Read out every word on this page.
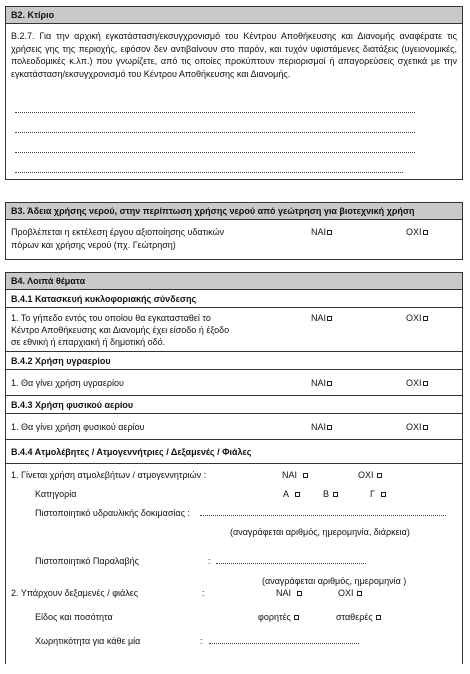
Β2. Κτίριο
Β.2.7. Για την αρχική εγκατάσταση/εκσυγχρονισμό του Κέντρου Αποθήκευσης και Διανομής αναφέρατε τις χρήσεις γης της περιοχής, εφόσον δεν αντιβαίνουν στο παρόν, και τυχόν υφιστάμενες διατάξεις (υγειονομικές, πολεοδομικές κ.λπ.) που γνωρίζετε, από τις οποίες προκύπτουν περιορισμοί ή απαγορεύσεις σχετικά με την εγκατάσταση/εκσυγχρονισμό του Κέντρου Αποθήκευσης και Διανομής.
Β3. Άδεια χρήσης νερού, στην περίπτωση χρήσης νερού από γεώτρηση για βιοτεχνική χρήση
Προβλέπεται η εκτέλεση έργου αξιοποίησης υδατικών
πόρων και χρήσης νερού (πχ. Γεώτρηση)
ΝΑΙ	ΟΧΙ
Β4. Λοιπά θέματα
Β.4.1 Κατασκευή κυκλοφοριακής σύνδεσης
1. Το γήπεδο εντός του οποίου θα εγκατασταθεί το
Κέντρο Αποθήκευσης και Διανομής έχει είσοδο ή έξοδο
σε εθνική ή επαρχιακή ή δημοτική οδό.
ΝΑΙ	ΟΧΙ
Β.4.2 Χρήση υγραερίου
1. Θα γίνει χρήση υγραερίου	ΝΑΙ	ΟΧΙ
Β.4.3 Χρήση φυσικού αερίου
1. Θα γίνει χρήση φυσικού αερίου	ΝΑΙ	ΟΧΙ
Β.4.4 Ατμολέβητες / Ατμογεννήτριες / Δεξαμενές / Φιάλες
1. Γίνεται χρήση ατμολεβήτων / ατμογεννητριών :	ΝΑΙ	ΟΧΙ
Κατηγορία	Α	Β	Γ
Πιστοποιητικό υδραυλικής δοκιμασίας :
(αναγράφεται αριθμός, ημερομηνία, διάρκεια)
Πιστοποιητικό Παραλαβής	:
(αναγράφεται αριθμός, ημερομηνία )
2. Υπάρχουν δεξαμενές / φιάλες	:	ΝΑΙ	ΟΧΙ
Είδος και ποσότητα	φορητές	σταθερές
Χωρητικότητα για κάθε μία	:
